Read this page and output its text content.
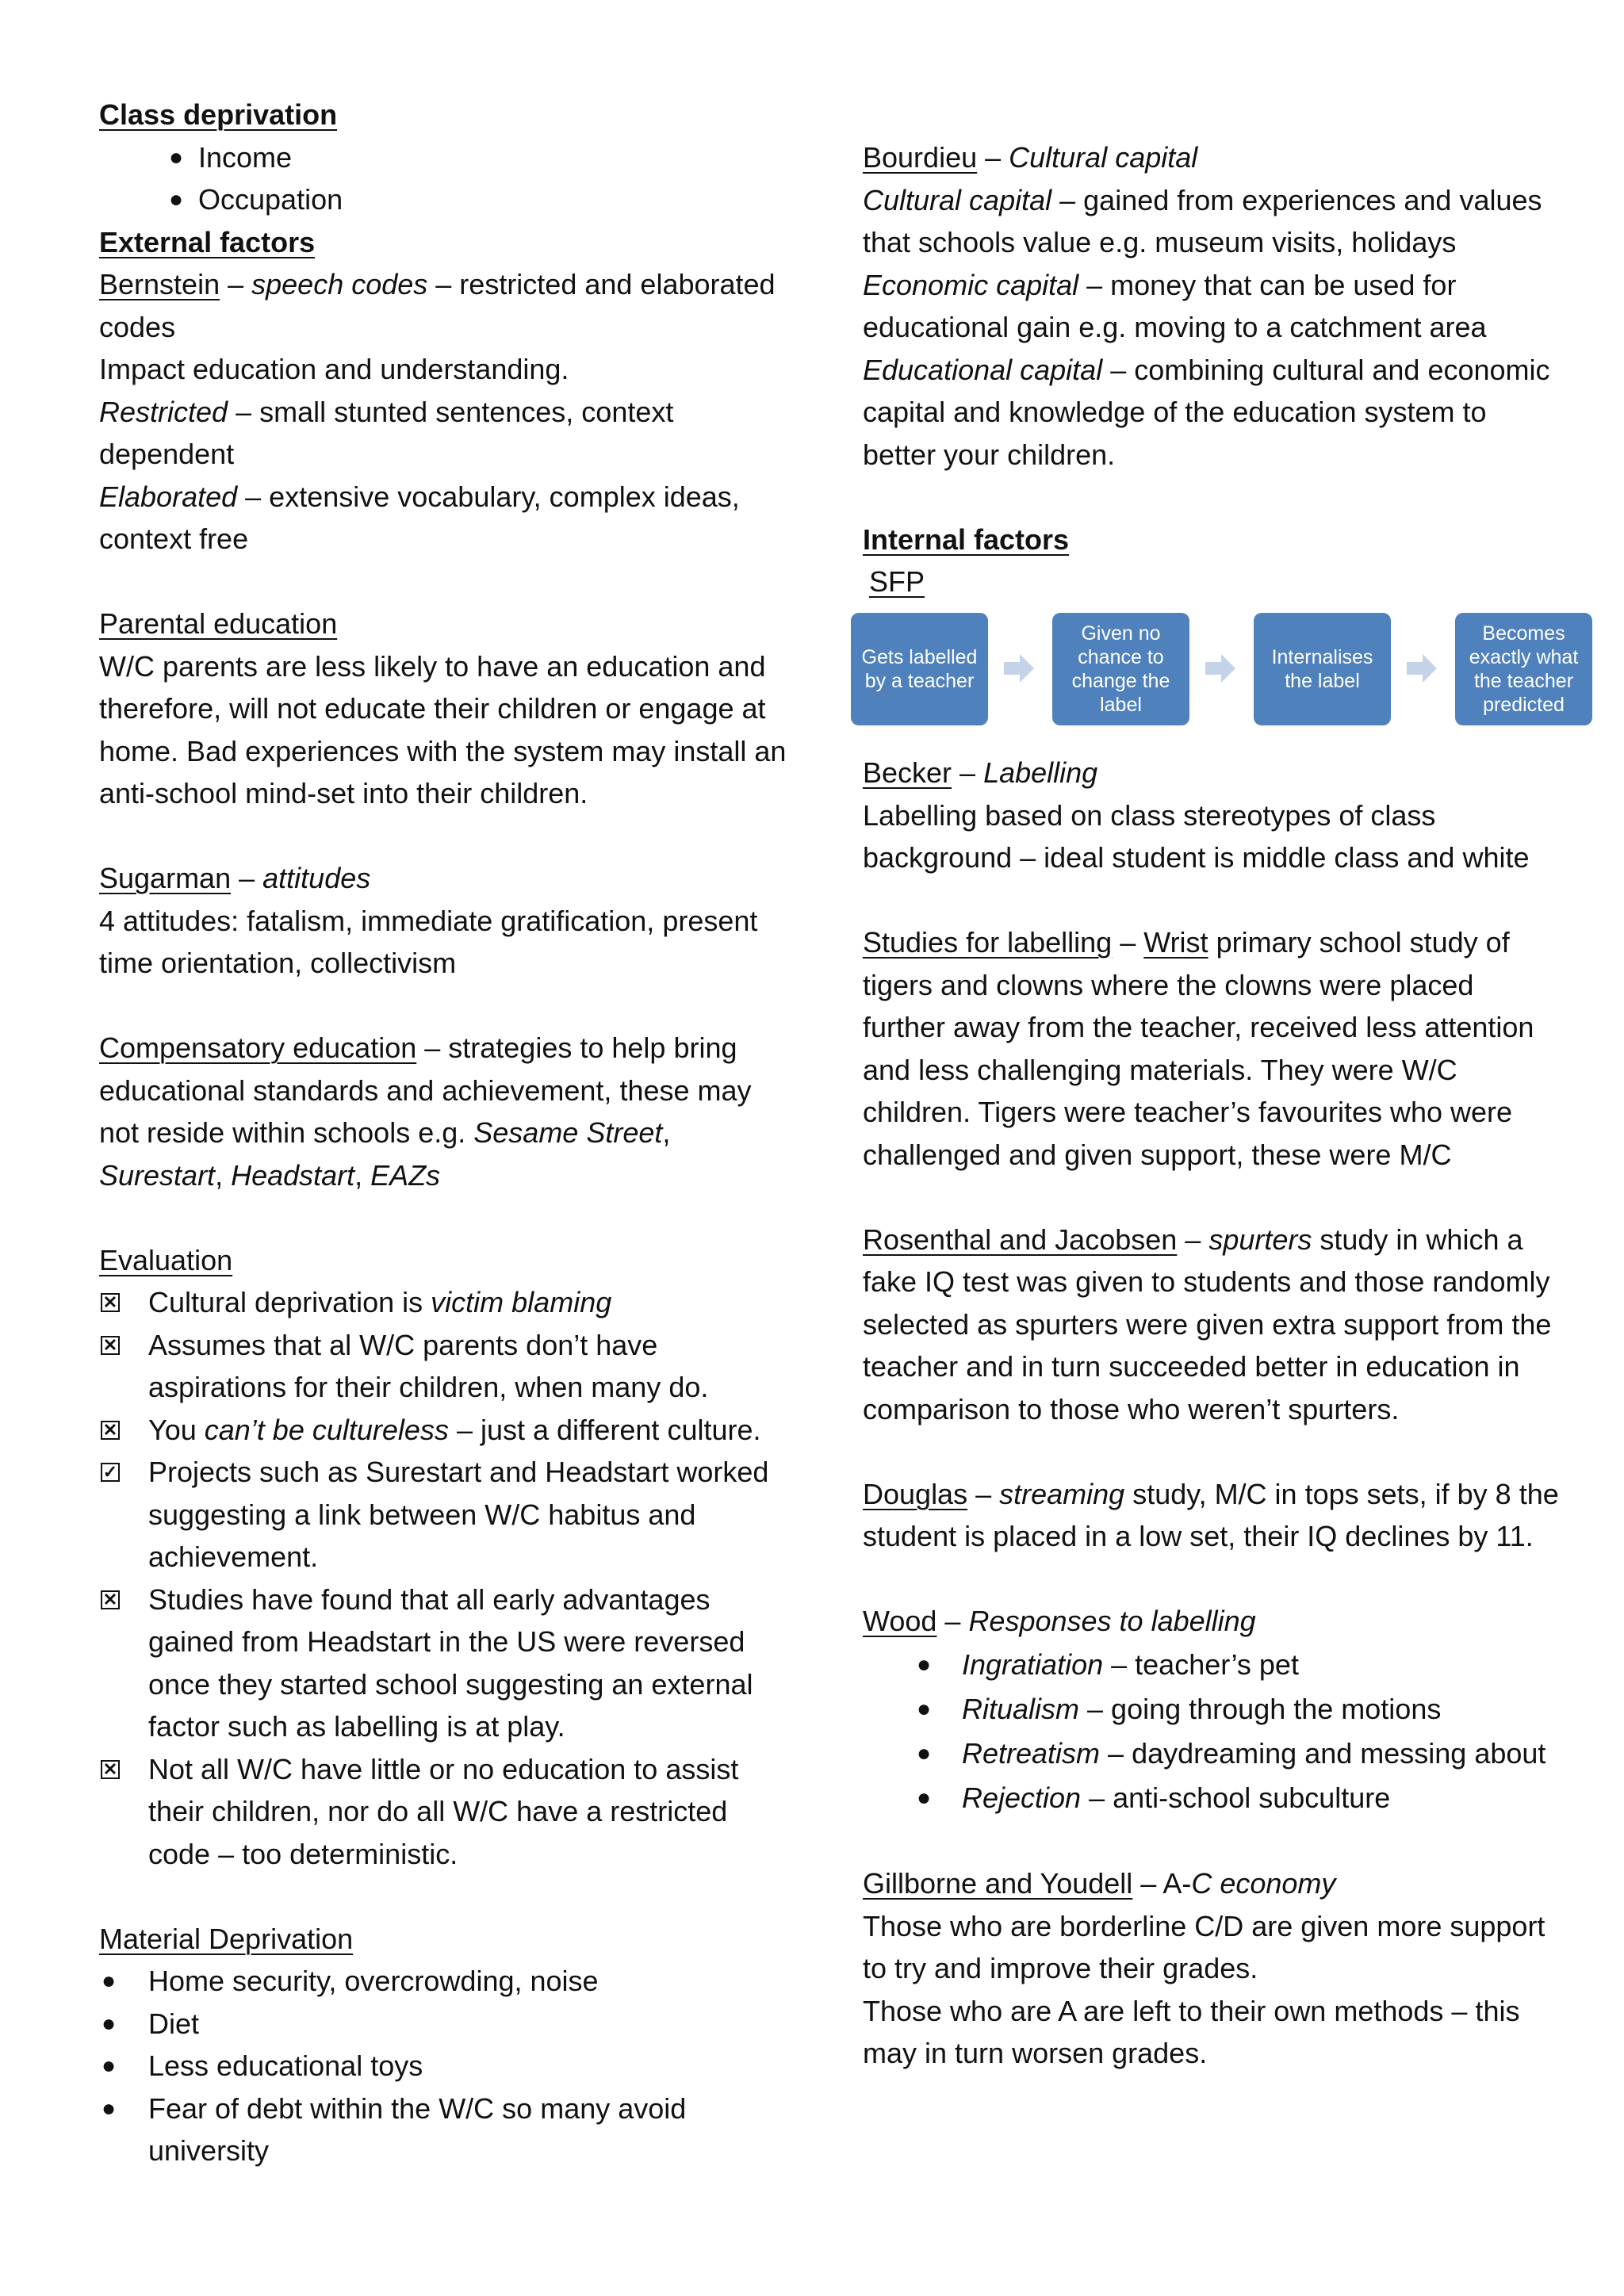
Class deprivation

● Income
● Occupation

External factors

Bernstein – speech codes – restricted and elaborated codes

Impact education and understanding.

Restricted – small stunted sentences, context dependent

Elaborated – extensive vocabulary, complex ideas, context free

Parental education

W/C parents are less likely to have an education and therefore, will not educate their children or engage at home. Bad experiences with the system may install an anti-school mind-set into their children.

Sugarman – attitudes

4 attitudes: fatalism, immediate gratification, present time orientation, collectivism

Compensatory education – strategies to help bring educational standards and achievement, these may not reside within schools e.g. Sesame Street, Surestart, Headstart, EAZs

Evaluation

✕ Cultural deprivation is victim blaming
✕ Assumes that al W/C parents don’t have aspirations for their children, when many do.
✕ You can’t be cultureless – just a different culture.
✓ Projects such as Surestart and Headstart worked suggesting a link between W/C habitus and achievement.
✕ Studies have found that all early advantages gained from Headstart in the US were reversed once they started school suggesting an external factor such as labelling is at play.
✕ Not all W/C have little or no education to assist their children, nor do all W/C have a restricted code – too deterministic.

Material Deprivation

● Home security, overcrowding, noise
● Diet
● Less educational toys
● Fear of debt within the W/C so many avoid university

Bourdieu – Cultural capital

Cultural capital – gained from experiences and values that schools value e.g. museum visits, holidays

Economic capital – money that can be used for educational gain e.g. moving to a catchment area

Educational capital – combining cultural and economic capital and knowledge of the education system to better your children.

Internal factors

SFP

Gets labelled by a teacher
Given no chance to change the label
Internalises the label
Becomes exactly what the teacher predicted

Becker – Labelling

Labelling based on class stereotypes of class background – ideal student is middle class and white

Studies for labelling – Wrist primary school study of tigers and clowns where the clowns were placed further away from the teacher, received less attention and less challenging materials. They were W/C children. Tigers were teacher’s favourites who were challenged and given support, these were M/C

Rosenthal and Jacobsen – spurters study in which a fake IQ test was given to students and those randomly selected as spurters were given extra support from the teacher and in turn succeeded better in education in comparison to those who weren’t spurters.

Douglas – streaming study, M/C in tops sets, if by 8 the student is placed in a low set, their IQ declines by 11.

Wood – Responses to labelling

● Ingratiation – teacher’s pet
● Ritualism – going through the motions
● Retreatism – daydreaming and messing about
● Rejection – anti-school subculture

Gillborne and Youdell – A-C economy

Those who are borderline C/D are given more support to try and improve their grades.

Those who are A are left to their own methods – this may in turn worsen grades.
